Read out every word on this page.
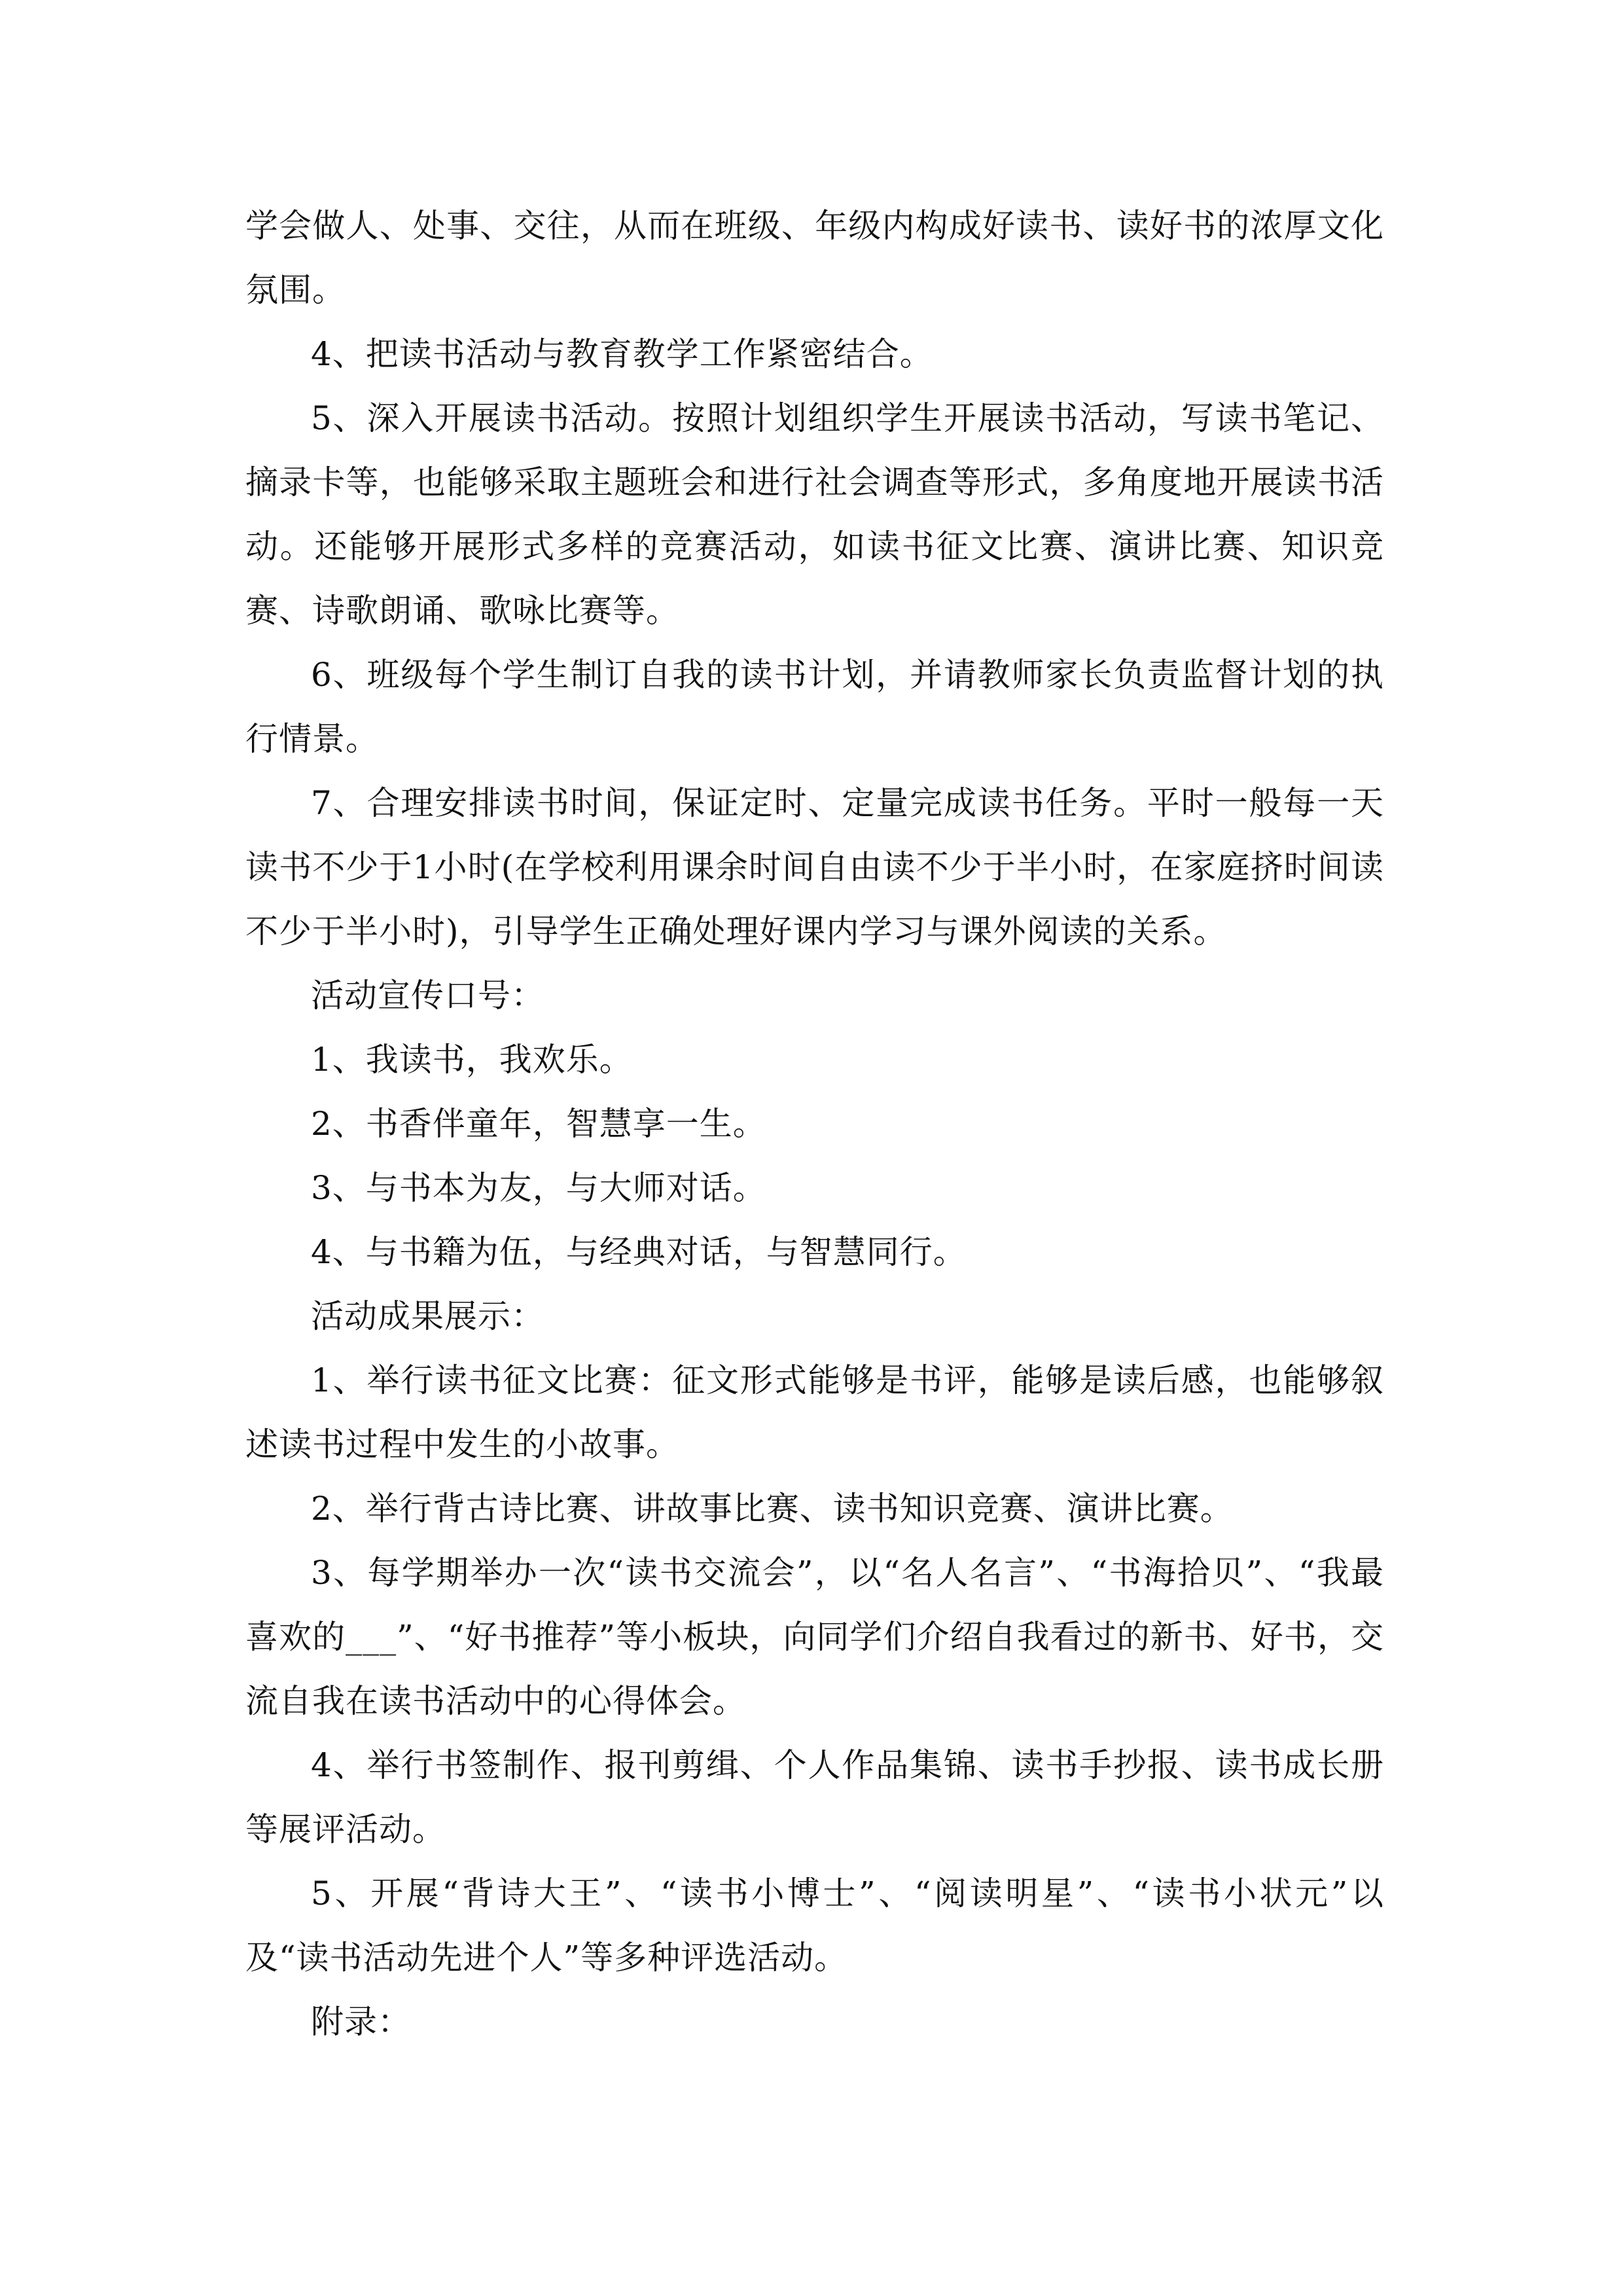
学会做人、处事、交往，从而在班级、年级内构成好读书、读好书的浓厚文化氛围。

4、把读书活动与教育教学工作紧密结合。

5、深入开展读书活动。按照计划组织学生开展读书活动，写读书笔记、摘录卡等，也能够采取主题班会和进行社会调查等形式，多角度地开展读书活动。还能够开展形式多样的竞赛活动，如读书征文比赛、演讲比赛、知识竞赛、诗歌朗诵、歌咏比赛等。

6、班级每个学生制订自我的读书计划，并请教师家长负责监督计划的执行情景。

7、合理安排读书时间，保证定时、定量完成读书任务。平时一般每一天读书不少于1小时(在学校利用课余时间自由读不少于半小时，在家庭挤时间读不少于半小时)，引导学生正确处理好课内学习与课外阅读的关系。

活动宣传口号：

1、我读书，我欢乐。

2、书香伴童年，智慧享一生。

3、与书本为友，与大师对话。

4、与书籍为伍，与经典对话，与智慧同行。

活动成果展示：

1、举行读书征文比赛：征文形式能够是书评，能够是读后感，也能够叙述读书过程中发生的小故事。

2、举行背古诗比赛、讲故事比赛、读书知识竞赛、演讲比赛。

3、每学期举办一次“读书交流会”，以“名人名言”、“书海拾贝”、“我最喜欢的___”、“好书推荐”等小板块，向同学们介绍自我看过的新书、好书，交流自我在读书活动中的心得体会。

4、举行书签制作、报刊剪缉、个人作品集锦、读书手抄报、读书成长册等展评活动。

5、开展“背诗大王”、“读书小博士”、“阅读明星”、“读书小状元”以及“读书活动先进个人”等多种评选活动。

附录：
